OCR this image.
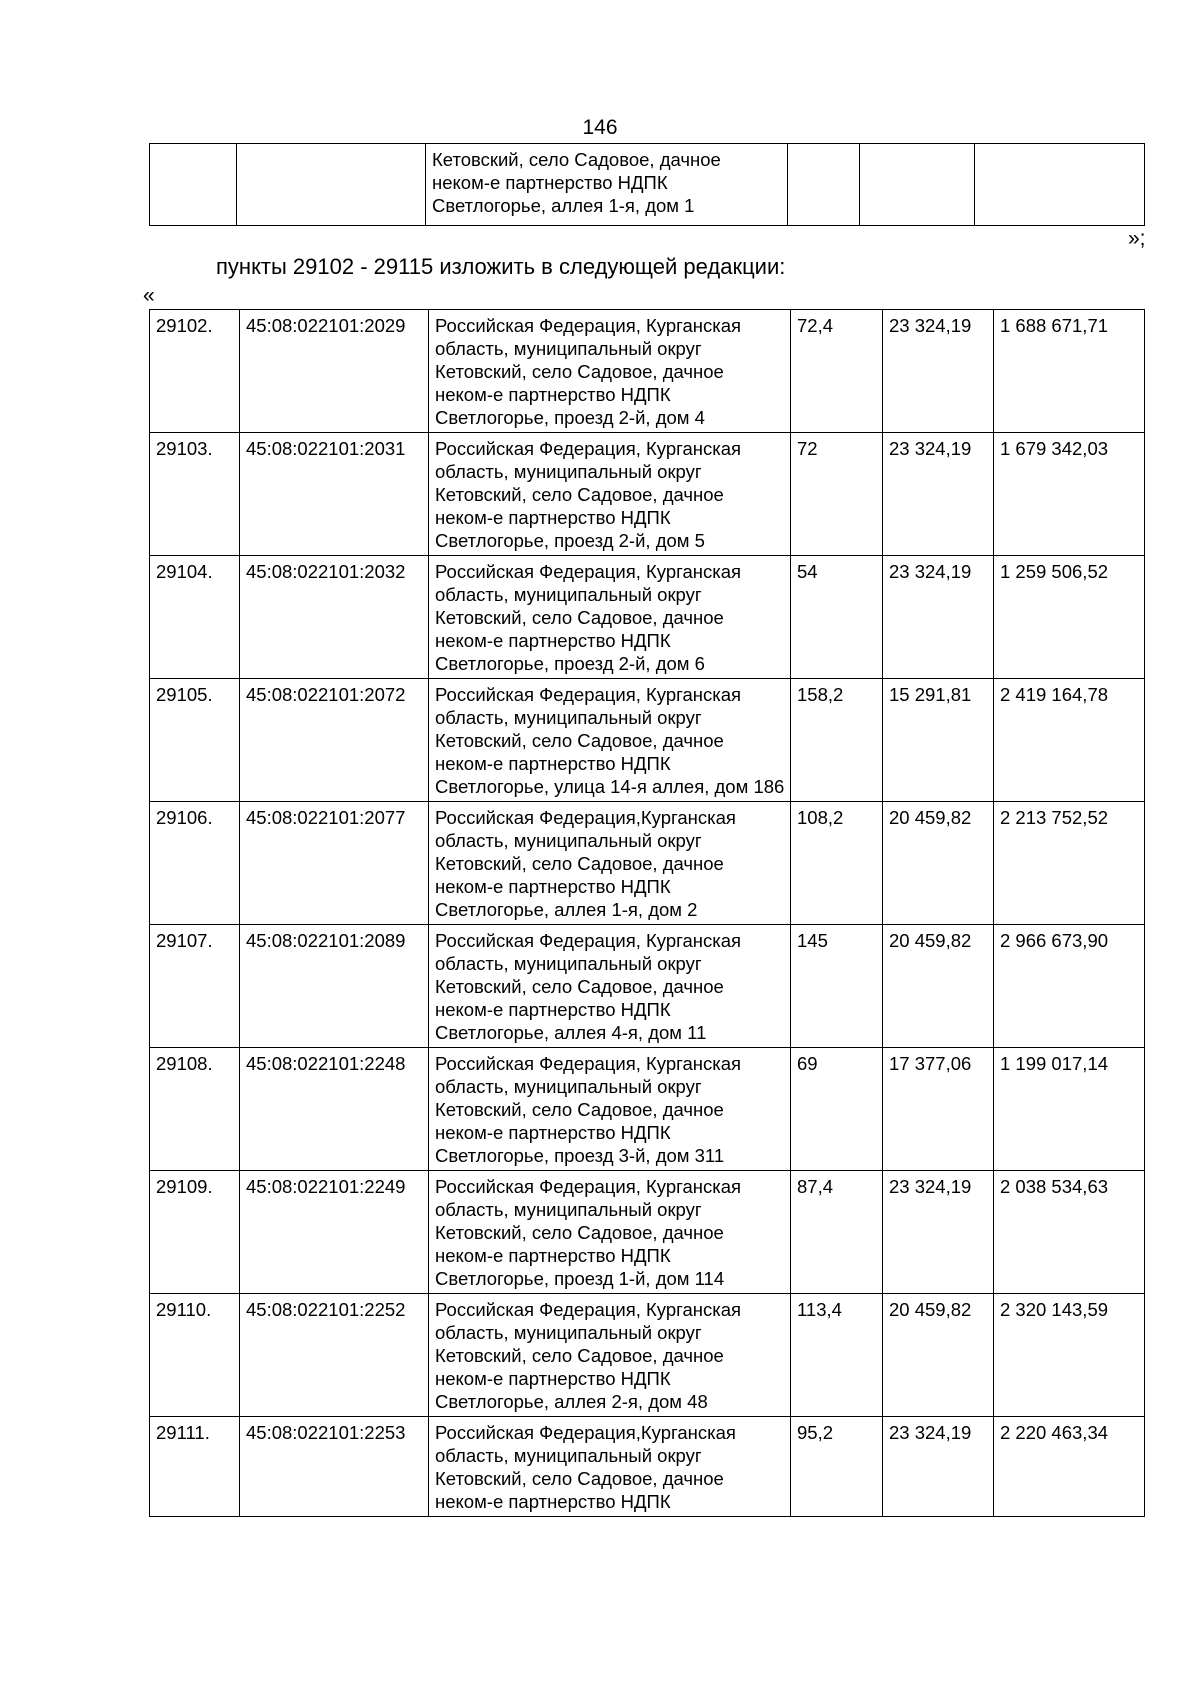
146
		Кетовский, село Садовое, дачное неком-е партнерство НДПК Светлогорье, аллея 1-я, дом 1			
»;
пункты 29102 - 29115 изложить в следующей редакции:
«
29102.	45:08:022101:2029	Российская Федерация, Курганская область, муниципальный округ Кетовский, село Садовое, дачное неком-е партнерство НДПК Светлогорье, проезд 2-й, дом 4	72,4	23 324,19	1 688 671,71
29103.	45:08:022101:2031	Российская Федерация, Курганская область, муниципальный округ Кетовский, село Садовое, дачное неком-е партнерство НДПК Светлогорье, проезд 2-й, дом 5	72	23 324,19	1 679 342,03
29104.	45:08:022101:2032	Российская Федерация, Курганская область, муниципальный округ Кетовский, село Садовое, дачное неком-е партнерство НДПК Светлогорье, проезд 2-й, дом 6	54	23 324,19	1 259 506,52
29105.	45:08:022101:2072	Российская Федерация, Курганская область, муниципальный округ Кетовский, село Садовое, дачное неком-е партнерство НДПК Светлогорье, улица 14-я аллея, дом 186	158,2	15 291,81	2 419 164,78
29106.	45:08:022101:2077	Российская Федерация,Курганская область, муниципальный округ Кетовский, село Садовое, дачное неком-е партнерство НДПК Светлогорье, аллея 1-я, дом 2	108,2	20 459,82	2 213 752,52
29107.	45:08:022101:2089	Российская Федерация, Курганская область, муниципальный округ Кетовский, село Садовое, дачное неком-е партнерство НДПК Светлогорье, аллея 4-я, дом 11	145	20 459,82	2 966 673,90
29108.	45:08:022101:2248	Российская Федерация, Курганская область, муниципальный округ Кетовский, село Садовое, дачное неком-е партнерство НДПК Светлогорье, проезд 3-й, дом 311	69	17 377,06	1 199 017,14
29109.	45:08:022101:2249	Российская Федерация, Курганская область, муниципальный округ Кетовский, село Садовое, дачное неком-е партнерство НДПК Светлогорье, проезд 1-й, дом 114	87,4	23 324,19	2 038 534,63
29110.	45:08:022101:2252	Российская Федерация, Курганская область, муниципальный округ Кетовский, село Садовое, дачное неком-е партнерство НДПК Светлогорье, аллея 2-я, дом 48	113,4	20 459,82	2 320 143,59
29111.	45:08:022101:2253	Российская Федерация,Курганская область, муниципальный округ Кетовский, село Садовое, дачное неком-е партнерство НДПК	95,2	23 324,19	2 220 463,34
